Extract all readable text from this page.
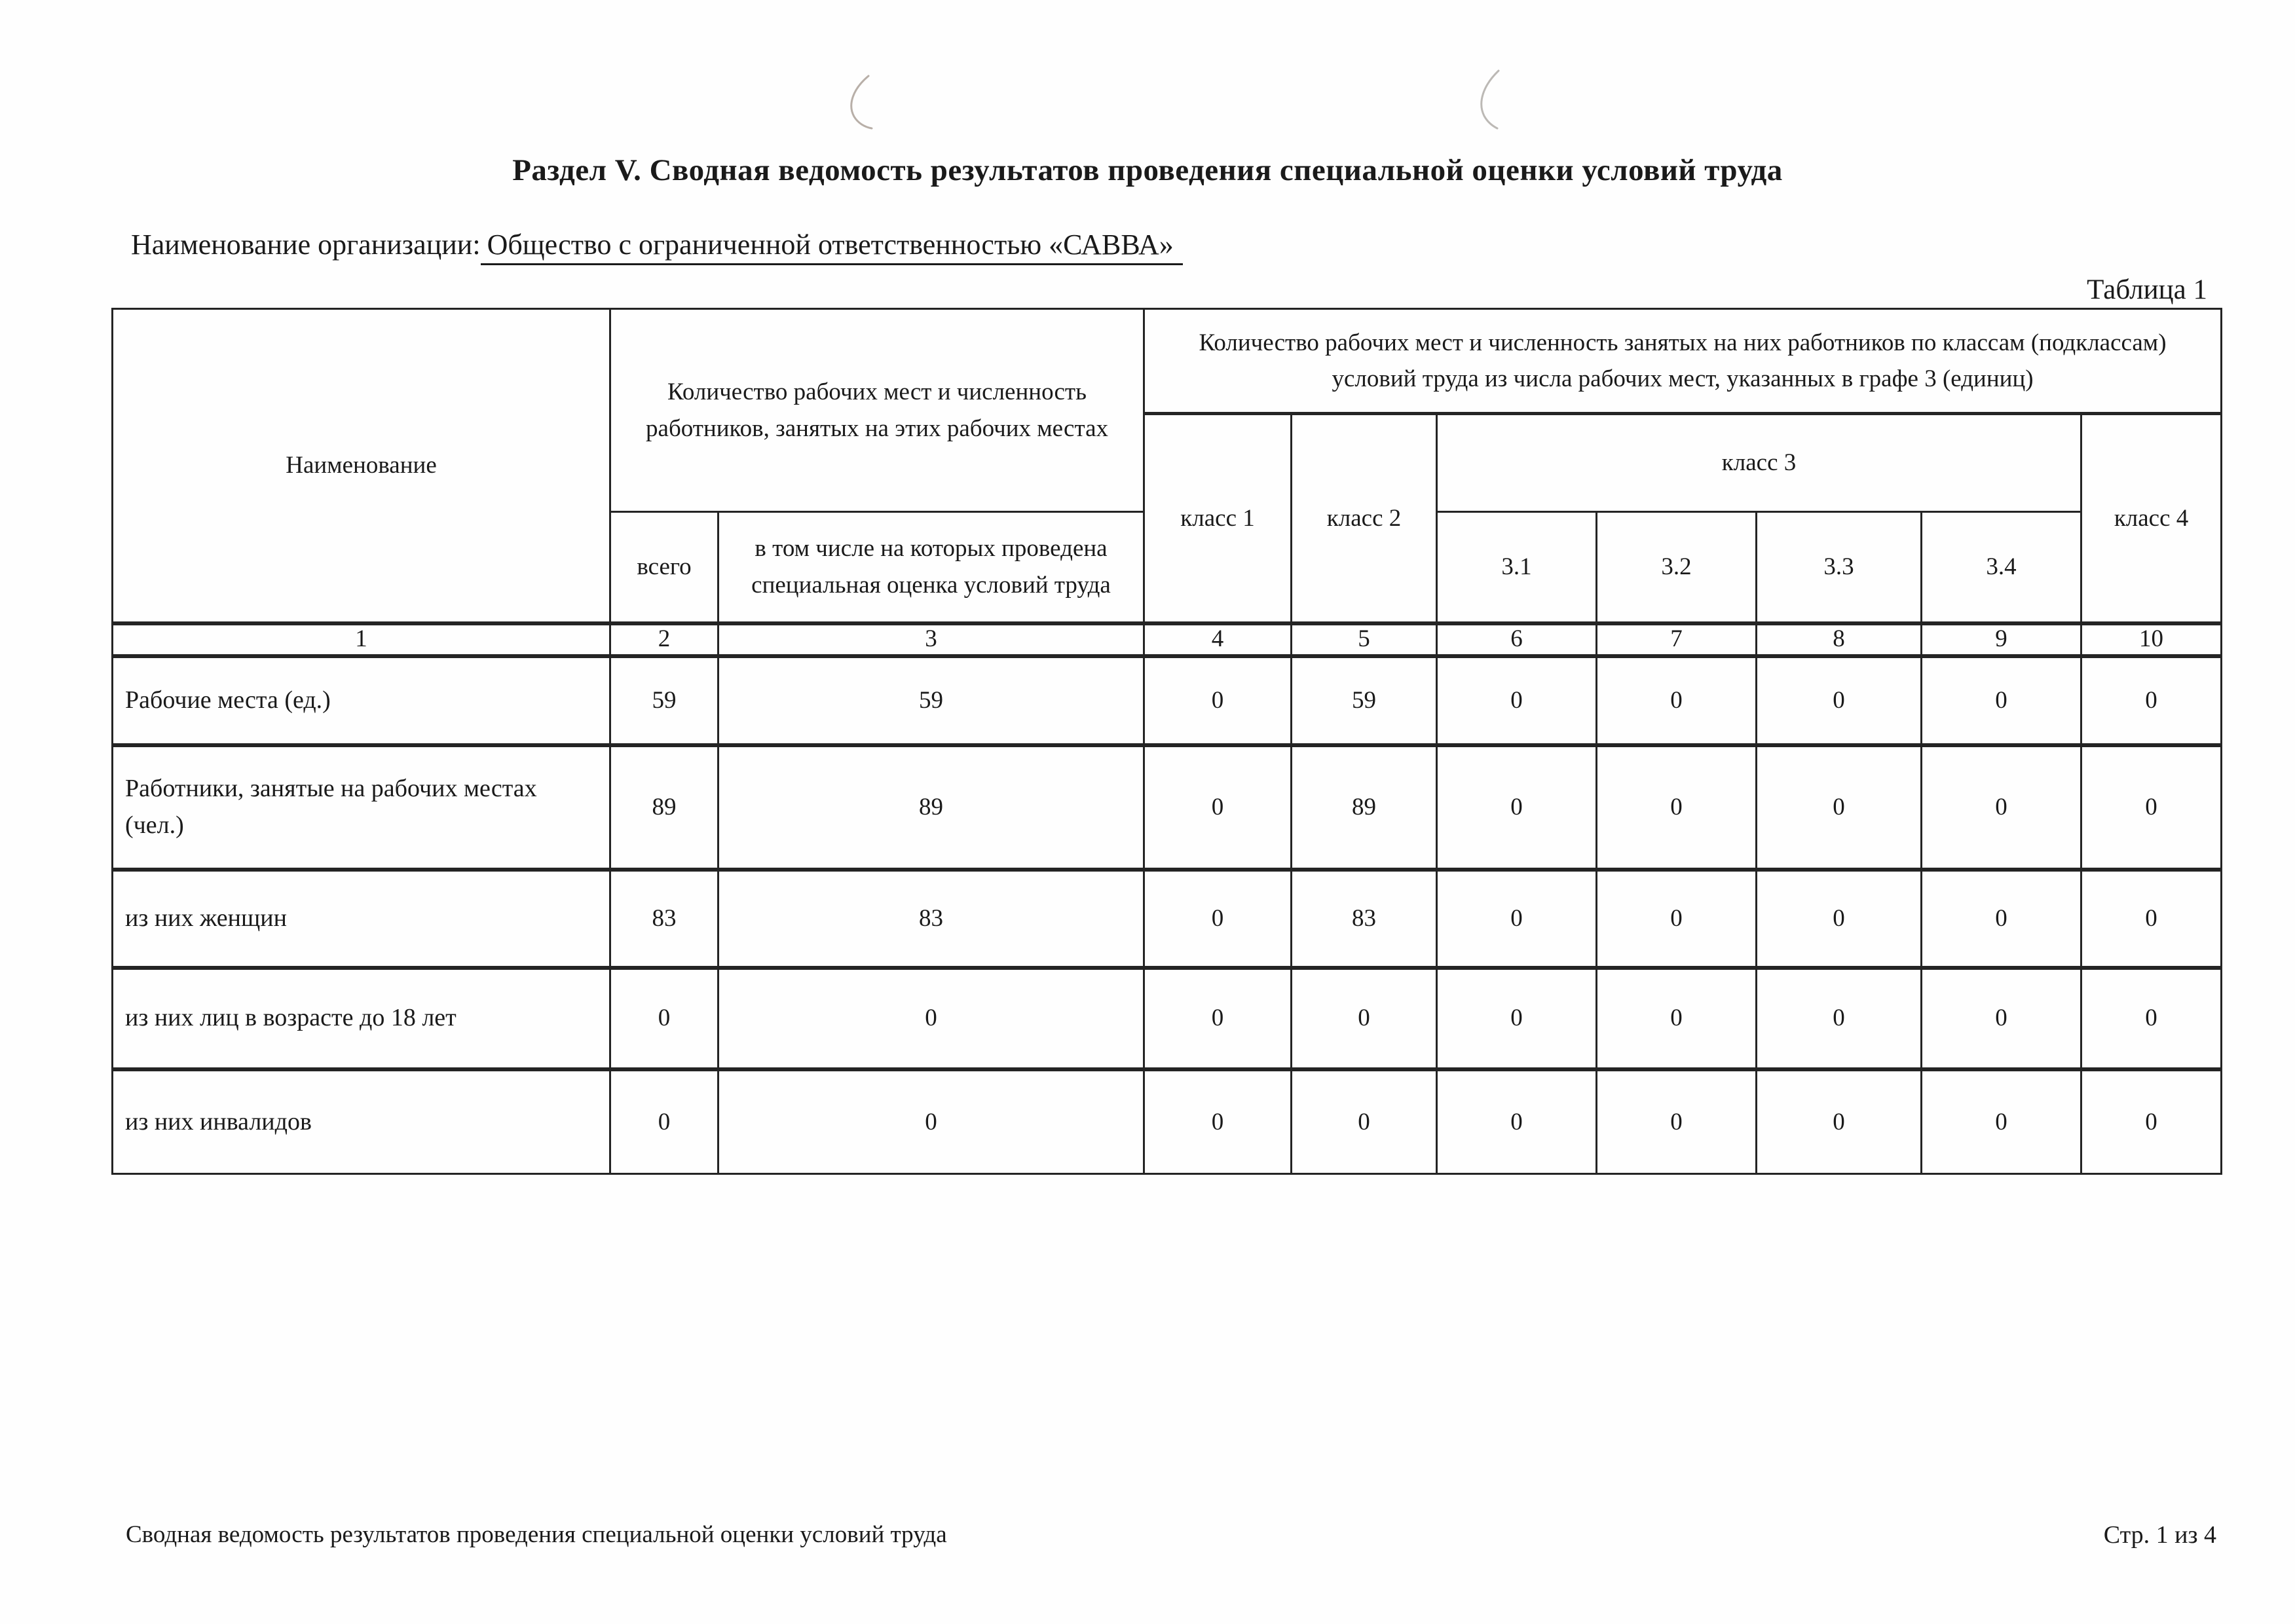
Раздел V. Сводная ведомость результатов проведения специальной оценки условий труда
Наименование организации: Общество с ограниченной ответственностью «САВВА»
Таблица 1
Наименование	Количество рабочих мест и численность работников, занятых на этих рабочих местах		Количество рабочих мест и численность занятых на них работников по классам (подклассам) условий труда из числа рабочих мест, указанных в графе 3 (единиц)						
			класс 1	класс 2	класс 3				класс 4
	всего	в том числе на которых проведена специальная оценка условий труда			3.1	3.2	3.3	3.4	
1	2	3	4	5	6	7	8	9	10
Рабочие места (ед.)	59	59	0	59	0	0	0	0	0
Работники, занятые на рабочих местах (чел.)	89	89	0	89	0	0	0	0	0
из них женщин	83	83	0	83	0	0	0	0	0
из них лиц в возрасте до 18 лет	0	0	0	0	0	0	0	0	0
из них инвалидов	0	0	0	0	0	0	0	0	0
Сводная ведомость результатов проведения специальной оценки условий труда	Стр. 1 из 4
